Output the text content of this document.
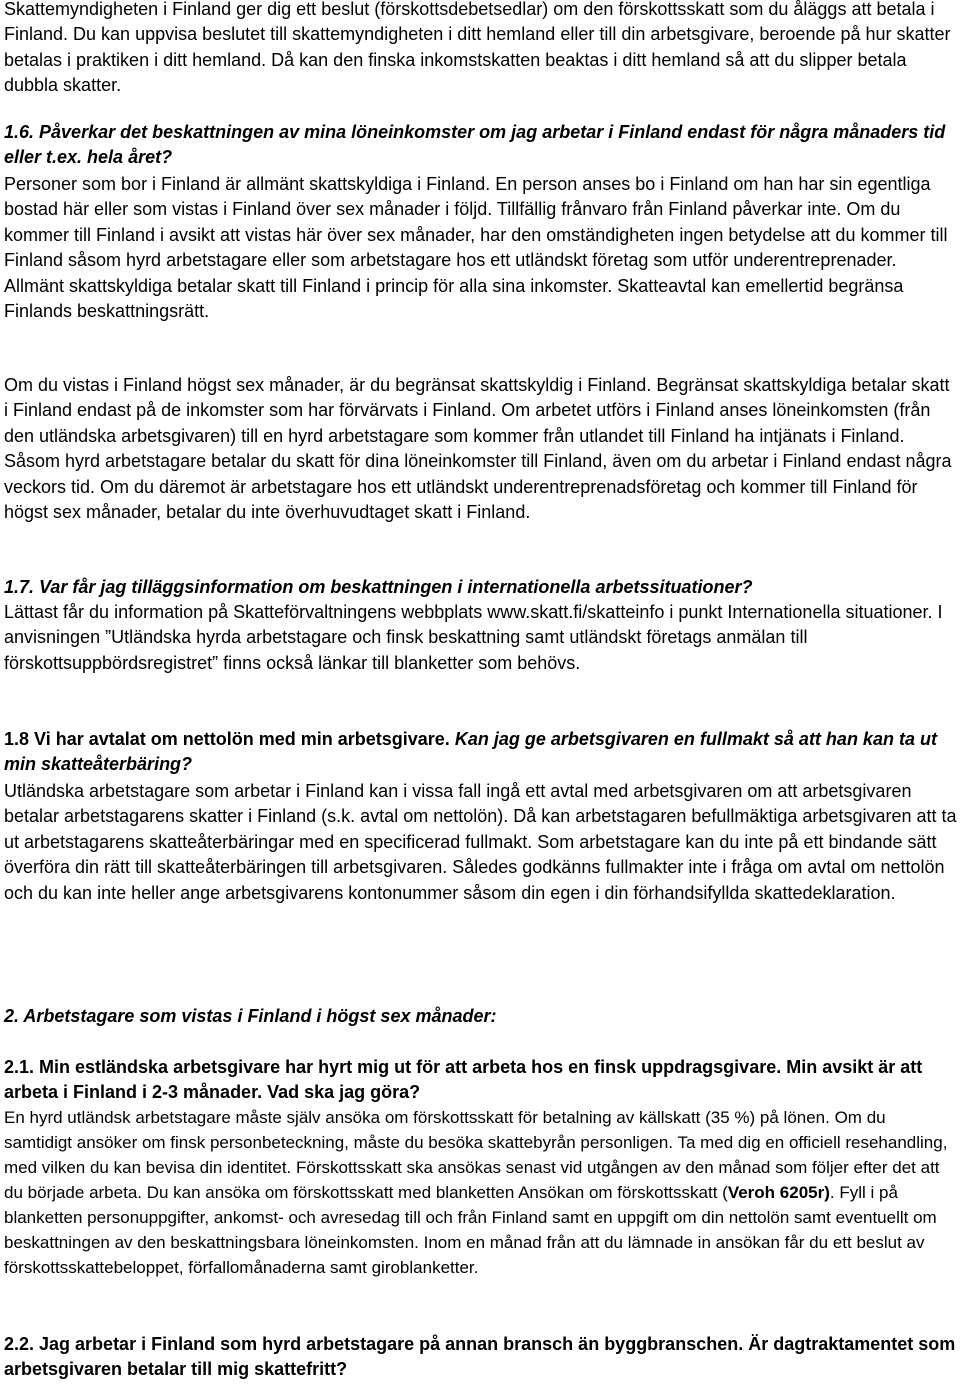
Skattemyndigheten i Finland ger dig ett beslut (förskottsdebetsedlar) om den förskottsskatt som du åläggs att betala i Finland. Du kan uppvisa beslutet till skattemyndigheten i ditt hemland eller till din arbetsgivare, beroende på hur skatter betalas i praktiken i ditt hemland. Då kan den finska inkomstskatten beaktas i ditt hemland så att du slipper betala dubbla skatter.

1.6. Påverkar det beskattningen av mina löneinkomster om jag arbetar i Finland endast för några månaders tid eller t.ex. hela året?

Personer som bor i Finland är allmänt skattskyldiga i Finland. En person anses bo i Finland om han har sin egentliga bostad här eller som vistas i Finland över sex månader i följd. Tillfällig frånvaro från Finland påverkar inte. Om du kommer till Finland i avsikt att vistas här över sex månader, har den omständigheten ingen betydelse att du kommer till Finland såsom hyrd arbetstagare eller som arbetstagare hos ett utländskt företag som utför underentreprenader. Allmänt skattskyldiga betalar skatt till Finland i princip för alla sina inkomster. Skatteavtal kan emellertid begränsa Finlands beskattningsrätt.

Om du vistas i Finland högst sex månader, är du begränsat skattskyldig i Finland. Begränsat skattskyldiga betalar skatt i Finland endast på de inkomster som har förvärvats i Finland. Om arbetet utförs i Finland anses löneinkomsten (från den utländska arbetsgivaren) till en hyrd arbetstagare som kommer från utlandet till Finland ha intjänats i Finland. Såsom hyrd arbetstagare betalar du skatt för dina löneinkomster till Finland, även om du arbetar i Finland endast några veckors tid. Om du däremot är arbetstagare hos ett utländskt underentreprenadsföretag och kommer till Finland för högst sex månader, betalar du inte överhuvudtaget skatt i Finland.

1.7. Var får jag tilläggsinformation om beskattningen i internationella arbetssituationer?

Lättast får du information på Skatteförvaltningens webbplats www.skatt.fi/skatteinfo i punkt Internationella situationer. I anvisningen ”Utländska hyrda arbetstagare och finsk beskattning samt utländskt företags anmälan till förskottsuppbördsregistret” finns också länkar till blanketter som behövs.

1.8 Vi har avtalat om nettolön med min arbetsgivare. Kan jag ge arbetsgivaren en fullmakt så att han kan ta ut min skatteåterbäring?

Utländska arbetstagare som arbetar i Finland kan i vissa fall ingå ett avtal med arbetsgivaren om att arbetsgivaren betalar arbetstagarens skatter i Finland (s.k. avtal om nettolön). Då kan arbetstagaren befullmäktiga arbetsgivaren att ta ut arbetstagarens skatteåterbäringar med en specificerad fullmakt. Som arbetstagare kan du inte på ett bindande sätt överföra din rätt till skatteåterbäringen till arbetsgivaren. Således godkänns fullmakter inte i fråga om avtal om nettolön och du kan inte heller ange arbetsgivarens kontonummer såsom din egen i din förhandsifyllda skattedeklaration.

2. Arbetstagare som vistas i Finland i högst sex månader:

2.1. Min estländska arbetsgivare har hyrt mig ut för att arbeta hos en finsk uppdragsgivare. Min avsikt är att arbeta i Finland i 2-3 månader. Vad ska jag göra?

En hyrd utländsk arbetstagare måste själv ansöka om förskottsskatt för betalning av källskatt (35 %) på lönen. Om du samtidigt ansöker om finsk personbeteckning, måste du besöka skattebyrån personligen. Ta med dig en officiell resehandling, med vilken du kan bevisa din identitet. Förskottsskatt ska ansökas senast vid utgången av den månad som följer efter det att du började arbeta. Du kan ansöka om förskottsskatt med blanketten Ansökan om förskottsskatt (Veroh 6205r). Fyll i på blanketten personuppgifter, ankomst- och avresedag till och från Finland samt en uppgift om din nettolön samt eventuellt om beskattningen av den beskattningsbara löneinkomsten. Inom en månad från att du lämnade in ansökan får du ett beslut av förskottsskattebeloppet, förfallomånaderna samt giroblanketter.

2.2. Jag arbetar i Finland som hyrd arbetstagare på annan bransch än byggbranschen. Är dagtraktamentet som arbetsgivaren betalar till mig skattefritt?
